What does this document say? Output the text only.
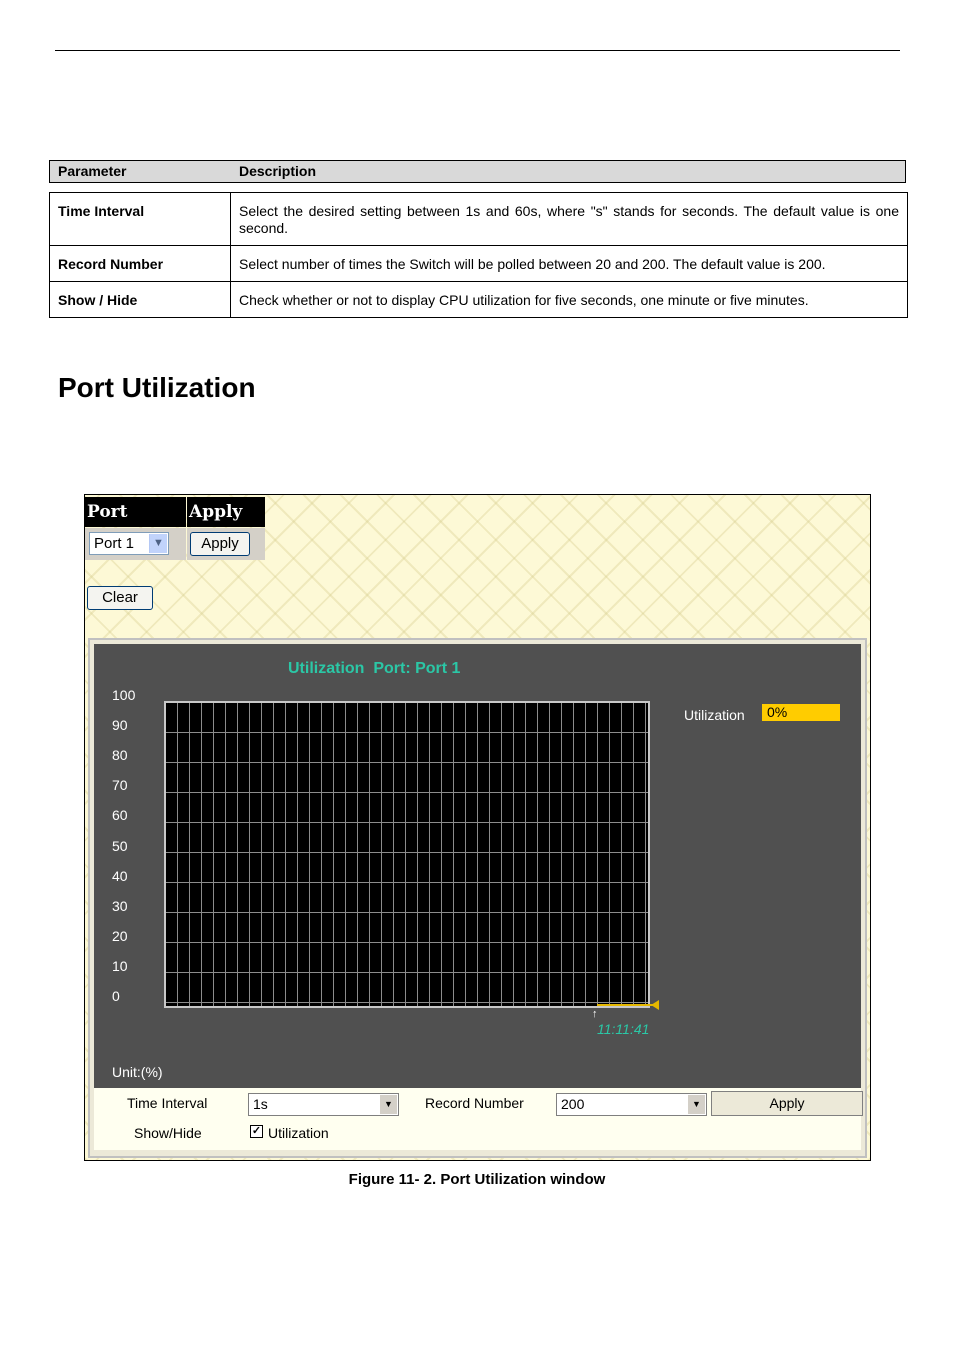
Parameter	Description
Time Interval	Select the desired setting between 1s and 60s, where "s" stands for seconds. The default value is one second.
Record Number	Select number of times the Switch will be polled between 20 and 200. The default value is 200.
Show / Hide	Check whether or not to display CPU utilization for five seconds, one minute or five minutes.
Port Utilization
Port	Apply
Port 1	▼	Apply
Clear
Utilization  Port: Port 1
100
90
80
70
60
50
40
30
20
10
0
↑
11:11:41
Unit:(%)
Utilization	0%
Time Interval	1s	▼ Record Number	200	▼	Apply
Show/Hide	✓ Utilization
Figure 11- 2. Port Utilization window
